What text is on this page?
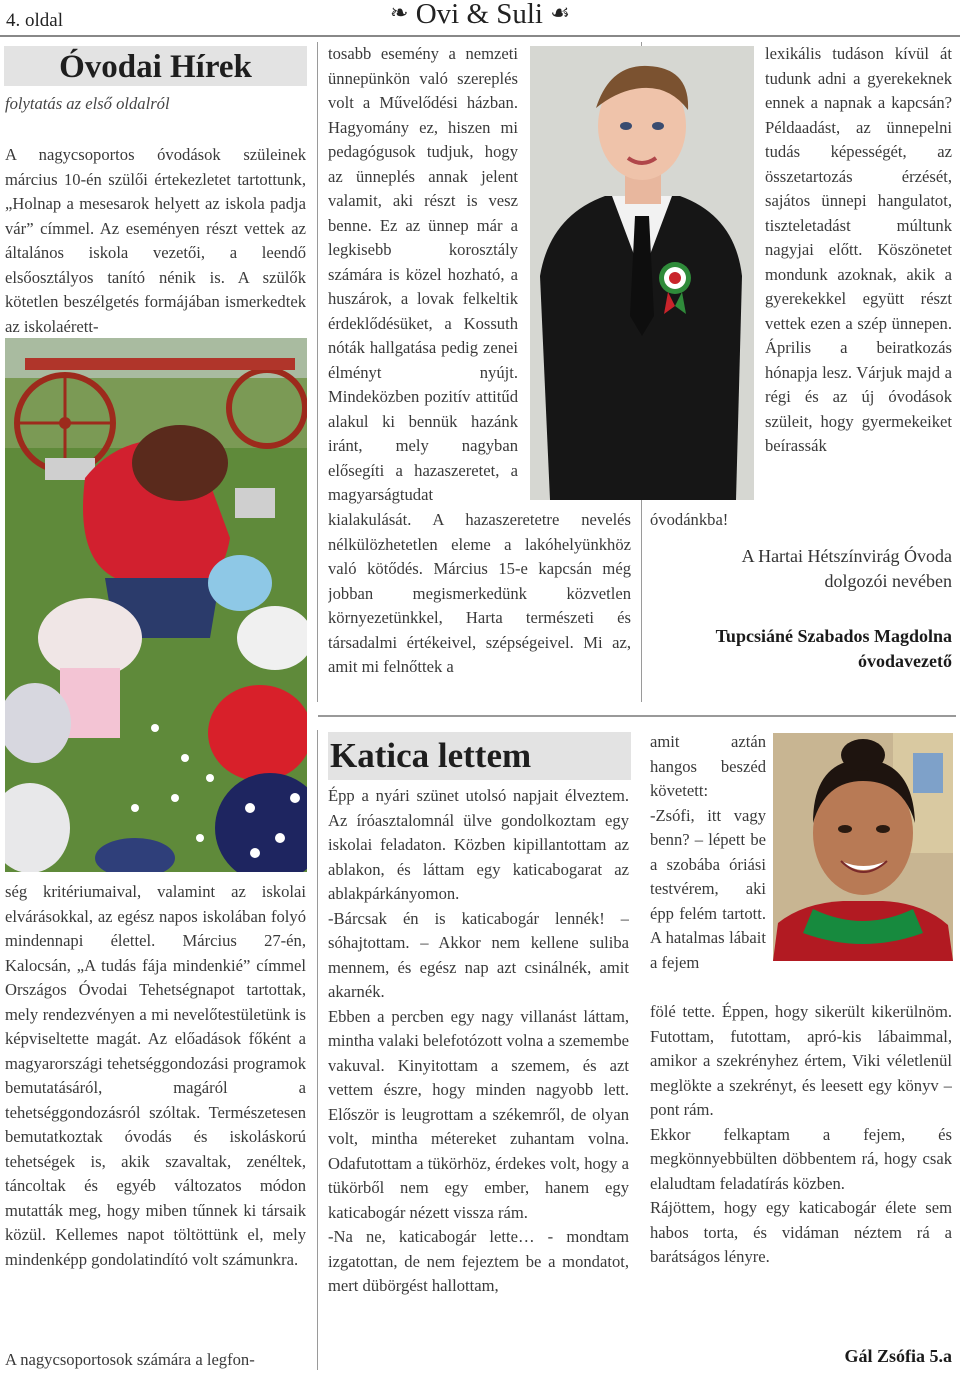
4. oldal	❧ Ovi & Suli ☙
Óvodai Hírek
folytatás az első oldalról

A nagycsoportos óvodások szüleinek március 10-én szülői értekezletet tartottunk, „Holnap a mesesarok helyett az iskola padja vár” címmel. Az eseményen részt vettek az általános iskola vezetői, a leendő elsőosztályos tanító nénik is. A szülők kötetlen beszélgetés formájában ismerkedtek az iskolaérett-

ség kritériumaival, valamint az iskolai elvárásokkal, az egész napos iskolában folyó mindennapi élettel. Március 27-én, Kalocsán, „A tudás fája mindenkié” címmel Országos Óvodai Tehetségnapot tartottak, mely rendezvényen a mi nevelőtestületünk is képviseltette magát. Az előadások főként a magyarországi tehetséggondozási programok bemutatásáról, magáról a tehetséggondozásról szóltak. Természetesen bemutatkoztak óvodás és iskoláskorú tehetségek is, akik szavaltak, zenéltek, táncoltak és egyéb változatos módon mutatták meg, hogy miben tűnnek ki társaik közül. Kellemes napot töltöttünk el, mely mindenképp gondolatindító volt számunkra.

A nagycsoportosok számára a legfon-

tosabb esemény a nemzeti ünnepünkön való szereplés volt a Művelődési házban. Hagyomány ez, hiszen mi pedagógusok tudjuk, hogy az ünneplés annak jelent valamit, aki részt is vesz benne. Ez az ünnep már a legkisebb korosztály számára is közel hozható, a huszárok, a lovak felkeltik érdeklődésüket, a Kossuth nóták hallgatása pedig zenei élményt nyújt. Mindeközben pozitív attitűd alakul ki bennük hazánk iránt, mely nagyban elősegíti a hazaszeretet, a magyarságtudat

kialakulását. A hazaszeretetre nevelés nélkülözhetetlen eleme a lakóhelyünkhöz való kötődés. Március 15-e kapcsán még jobban megismerkedünk közvetlen környezetünkkel, Harta természeti és társadalmi értékeivel, szépségeivel. Mi az, amit mi felnőttek a

lexikális tudáson kívül át tudunk adni a gyerekeknek ennek a napnak a kapcsán? Példaadást, az ünnepelni tudás képességét, az összetartozás érzését, sajátos ünnepi hangulatot, tiszteletadást múltunk nagyjai előtt. Köszönetet mondunk azoknak, akik a gyerekekkel együtt részt vettek ezen a szép ünnepen. Április a beiratkozás hónapja lesz. Várjuk majd a régi és az új óvodások szüleit, hogy gyermekeiket beírassák

óvodánkba!

A Hartai Hétszínvirág Óvoda dolgozói nevében
Tupcsiáné Szabados Magdolna
óvodavezető
Katica lettem

Épp a nyári szünet utolsó napjait élveztem. Az íróasztalomnál ülve gondolkoztam egy iskolai feladaton. Közben kipillantottam az ablakon, és láttam egy katicabogarat az ablakpárkányomon.
-Bárcsak én is katicabogár lennék! – sóhajtottam. – Akkor nem kellene suliba mennem, és egész nap azt csinálnék, amit akarnék.
Ebben a percben egy nagy villanást láttam, mintha valaki belefotózott volna a szemembe vakuval. Kinyitottam a szemem, és azt vettem észre, hogy minden nagyobb lett. Először is leugrottam a székemről, de olyan volt, mintha métereket zuhantam volna. Odafutottam a tükörhöz, érdekes volt, hogy a tükörből nem egy ember, hanem egy katicabogár nézett vissza rám.
-Na ne, katicabogár lette… - mondtam izgatottan, de nem fejeztem be a mondatot, mert dübörgést hallottam,

amit aztán hangos beszéd követett:
-Zsófi, itt vagy benn? – lépett be a szobába óriási testvérem, aki épp felém tartott. A hatalmas lábait a fejem

fölé tette. Éppen, hogy sikerült kikerülnöm. Futottam, futottam, apró-kis lábaimmal, amikor a szekrényhez értem, Viki véletlenül meglökte a szekrényt, és leesett egy könyv – pont rám.
Ekkor felkaptam a fejem, és megkönnyebbülten döbbentem rá, hogy csak elaludtam feladatírás közben.
Rájöttem, hogy egy katicabogár élete sem habos torta, és vidáman néztem rá a barátságos lényre.

Gál Zsófia 5.a
